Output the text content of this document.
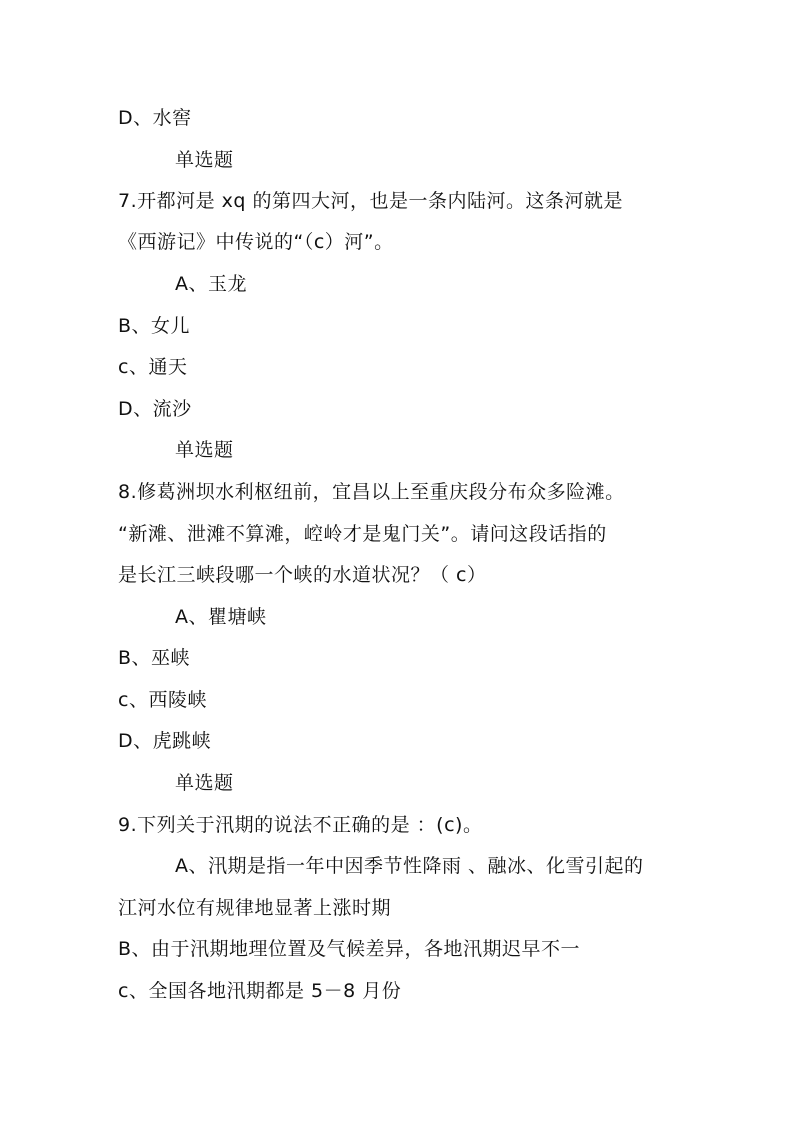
D、水窖
单选题
7.开都河是 xq 的第四大河，也是一条内陆河。这条河就是
《西游记》中传说的“（c）河”。
A、玉龙
B、女儿
c、通天
D、流沙
单选题
8.修葛洲坝水利枢纽前，宜昌以上至重庆段分布众多险滩。
“新滩、泄滩不算滩，崆岭才是鬼门关”。请问这段话指的
是长江三峡段哪一个峡的水道状况？（ c）
A、瞿塘峡
B、巫峡
c、西陵峡
D、虎跳峡
单选题
9.下列关于汛期的说法不正确的是 ：(c)。
A、汛期是指一年中因季节性降雨 、融冰、化雪引起的
江河水位有规律地显著上涨时期
B、由于汛期地理位置及气候差异，各地汛期迟早不一
c、全国各地汛期都是 5－8 月份
